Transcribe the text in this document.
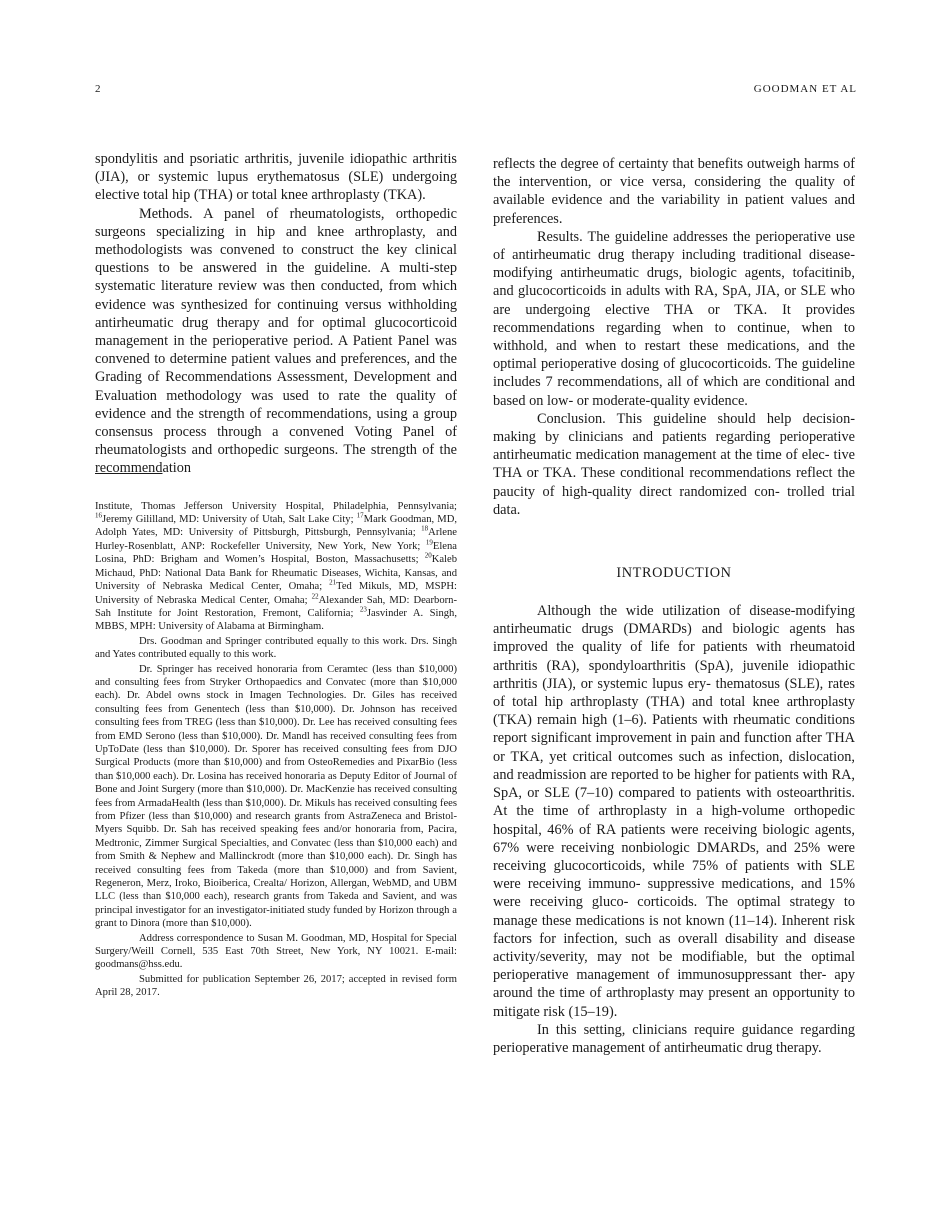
2	GOODMAN ET AL

spondylitis and psoriatic arthritis, juvenile idiopathic arthritis (JIA), or systemic lupus erythematosus (SLE) undergoing elective total hip (THA) or total knee arthroplasty (TKA).

Methods. A panel of rheumatologists, orthopedic surgeons specializing in hip and knee arthroplasty, and methodologists was convened to construct the key clinical questions to be answered in the guideline. A multi-step systematic literature review was then conducted, from which evidence was synthesized for continuing versus withholding antirheumatic drug therapy and for optimal glucocorticoid management in the perioperative period. A Patient Panel was convened to determine patient values and preferences, and the Grading of Recommendations Assessment, Development and Evaluation methodology was used to rate the quality of evidence and the strength of recommendations, using a group consensus process through a convened Voting Panel of rheumatologists and orthopedic surgeons. The strength of the recommendation

Institute, Thomas Jefferson University Hospital, Philadelphia, Pennsylvania; $^{16}$Jeremy Gililland, MD: University of Utah, Salt Lake City; $^{17}$Mark Goodman, MD, Adolph Yates, MD: University of Pittsburgh, Pittsburgh, Pennsylvania; $^{18}$Arlene Hurley-Rosenblatt, ANP: Rockefeller University, New York, New York; $^{19}$Elena Losina, PhD: Brigham and Women’s Hospital, Boston, Massachusetts; $^{20}$Kaleb Michaud, PhD: National Data Bank for Rheumatic Diseases, Wichita, Kansas, and University of Nebraska Medical Center, Omaha; $^{21}$Ted Mikuls, MD, MSPH: University of Nebraska Medical Center, Omaha; $^{22}$Alexander Sah, MD: Dearborn-Sah Institute for Joint Restoration, Fremont, California; $^{23}$Jasvinder A. Singh, MBBS, MPH: University of Alabama at Birmingham.

Drs. Goodman and Springer contributed equally to this work. Drs. Singh and Yates contributed equally to this work.

Dr. Springer has received honoraria from Ceramtec (less than $10,000) and consulting fees from Stryker Orthopaedics and Convatec (more than $10,000 each). Dr. Abdel owns stock in Imagen Technologies. Dr. Giles has received consulting fees from Genentech (less than $10,000). Dr. Johnson has received consulting fees from TREG (less than $10,000). Dr. Lee has received consulting fees from EMD Serono (less than $10,000). Dr. Mandl has received consulting fees from UpToDate (less than $10,000). Dr. Sporer has received consulting fees from DJO Surgical Products (more than $10,000) and from OsteoRemedies and PixarBio (less than $10,000 each). Dr. Losina has received honoraria as Deputy Editor of Journal of Bone and Joint Surgery (more than $10,000). Dr. MacKenzie has received consulting fees from ArmadaHealth (less than $10,000). Dr. Mikuls has received consulting fees from Pfizer (less than $10,000) and research grants from AstraZeneca and Bristol-Myers Squibb. Dr. Sah has received speaking fees and/or honoraria from, Pacira, Medtronic, Zimmer Surgical Specialties, and Convatec (less than $10,000 each) and from Smith & Nephew and Mallinckrodt (more than $10,000 each). Dr. Singh has received consulting fees from Takeda (more than $10,000) and from Savient, Regeneron, Merz, Iroko, Bioiberica, Crealta/ Horizon, Allergan, WebMD, and UBM LLC (less than $10,000 each), research grants from Takeda and Savient, and was principal investigator for an investigator-initiated study funded by Horizon through a grant to Dinora (more than $10,000).

Address correspondence to Susan M. Goodman, MD, Hospital for Special Surgery/Weill Cornell, 535 East 70th Street, New York, NY 10021. E-mail: goodmans@hss.edu.

Submitted for publication September 26, 2017; accepted in revised form April 28, 2017.

reflects the degree of certainty that benefits outweigh harms of the intervention, or vice versa, considering the quality of available evidence and the variability in patient values and preferences.

Results. The guideline addresses the perioperative use of antirheumatic drug therapy including traditional disease-modifying antirheumatic drugs, biologic agents, tofacitinib, and glucocorticoids in adults with RA, SpA, JIA, or SLE who are undergoing elective THA or TKA. It provides recommendations regarding when to continue, when to withhold, and when to restart these medications, and the optimal perioperative dosing of glucocorticoids. The guideline includes 7 recommendations, all of which are conditional and based on low- or moderate-quality evidence.

Conclusion. This guideline should help decision-making by clinicians and patients regarding perioperative antirheumatic medication management at the time of elec- tive THA or TKA. These conditional recommendations reflect the paucity of high-quality direct randomized con- trolled trial data.

INTRODUCTION

Although the wide utilization of disease-modifying antirheumatic drugs (DMARDs) and biologic agents has improved the quality of life for patients with rheumatoid arthritis (RA), spondyloarthritis (SpA), juvenile idiopathic arthritis (JIA), or systemic lupus ery- thematosus (SLE), rates of total hip arthroplasty (THA) and total knee arthroplasty (TKA) remain high (1–6). Patients with rheumatic conditions report significant improvement in pain and function after THA or TKA, yet critical outcomes such as infection, dislocation, and readmission are reported to be higher for patients with RA, SpA, or SLE (7–10) compared to patients with osteoarthritis. At the time of arthroplasty in a high-volume orthopedic hospital, 46% of RA patients were receiving biologic agents, 67% were receiving nonbiologic DMARDs, and 25% were receiving glucocorticoids, while 75% of patients with SLE were receiving immuno- suppressive medications, and 15% were receiving gluco- corticoids. The optimal strategy to manage these medications is not known (11–14). Inherent risk factors for infection, such as overall disability and disease activity/severity, may not be modifiable, but the optimal perioperative management of immunosuppressant ther- apy around the time of arthroplasty may present an opportunity to mitigate risk (15–19).

In this setting, clinicians require guidance regarding perioperative management of antirheumatic drug therapy.
